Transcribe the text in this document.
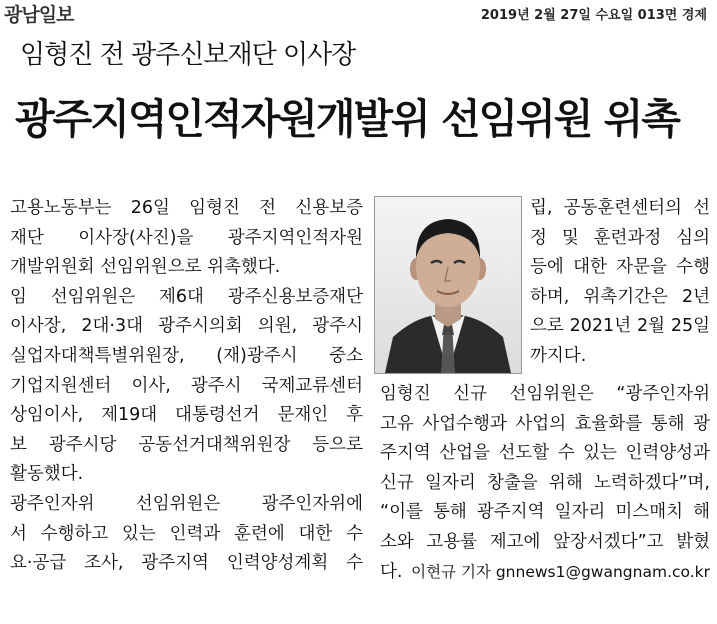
광남일보	2019년 2월 27일 수요일 013면 경제
임형진 전 광주신보재단 이사장
광주지역인적자원개발위 선임위원 위촉
고용노동부는 26일 임형진 전 신용보증
재단 이사장(사진)을 광주지역인적자원
개발위원회 선임위원으로 위촉했다.
임 선임위원은 제6대 광주신용보증재단
이사장, 2대·3대 광주시의회 의원, 광주시
실업자대책특별위원장, (재)광주시 중소
기업지원센터 이사, 광주시 국제교류센터
상임이사, 제19대 대통령선거 문재인 후
보 광주시당 공동선거대책위원장 등으로
활동했다.
광주인자위 선임위원은 광주인자위에
서 수행하고 있는 인력과 훈련에 대한 수
요·공급 조사, 광주지역 인력양성계획 수
립, 공동훈련센터의 선
정 및 훈련과정 심의
등에 대한 자문을 수행
하며, 위촉기간은 2년
으로 2021년 2월 25일
까지다.
임형진 신규 선임위원은 “광주인자위
고유 사업수행과 사업의 효율화를 통해 광
주지역 산업을 선도할 수 있는 인력양성과
신규 일자리 창출을 위해 노력하겠다”며,
“이를 통해 광주지역 일자리 미스매치 해
소와 고용률 제고에 앞장서겠다”고 밝혔
다. 이현규 기자 gnnews1@gwangnam.co.kr
